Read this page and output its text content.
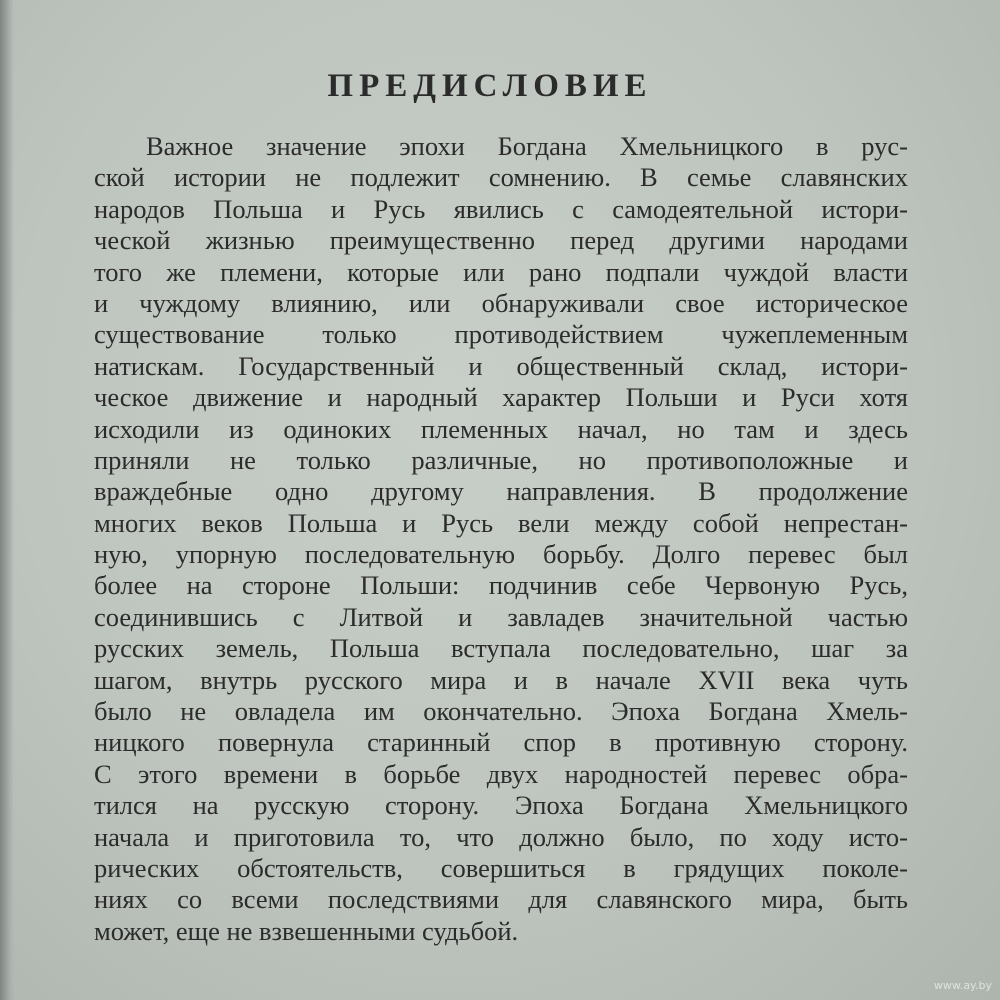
ПРЕДИСЛОВИЕ
Важное значение эпохи Богдана Хмельницкого в рус-
ской истории не подлежит сомнению. В семье славянских
народов Польша и Русь явились с самодеятельной истори-
ческой жизнью преимущественно перед другими народами
того же племени, которые или рано подпали чуждой власти
и чуждому влиянию, или обнаруживали свое историческое
существование только противодействием чужеплеменным
натискам. Государственный и общественный склад, истори-
ческое движение и народный характер Польши и Руси хотя
исходили из одиноких племенных начал, но там и здесь
приняли не только различные, но противоположные и
враждебные одно другому направления. В продолжение
многих веков Польша и Русь вели между собой непрестан-
ную, упорную последовательную борьбу. Долго перевес был
более на стороне Польши: подчинив себе Червоную Русь,
соединившись с Литвой и завладев значительной частью
русских земель, Польша вступала последовательно, шаг за
шагом, внутрь русского мира и в начале XVII века чуть
было не овладела им окончательно. Эпоха Богдана Хмель-
ницкого повернула старинный спор в противную сторону.
С этого времени в борьбе двух народностей перевес обра-
тился на русскую сторону. Эпоха Богдана Хмельницкого
начала и приготовила то, что должно было, по ходу исто-
рических обстоятельств, совершиться в грядущих поколе-
ниях со всеми последствиями для славянского мира, быть
может, еще не взвешенными судьбой.
www.ay.by
